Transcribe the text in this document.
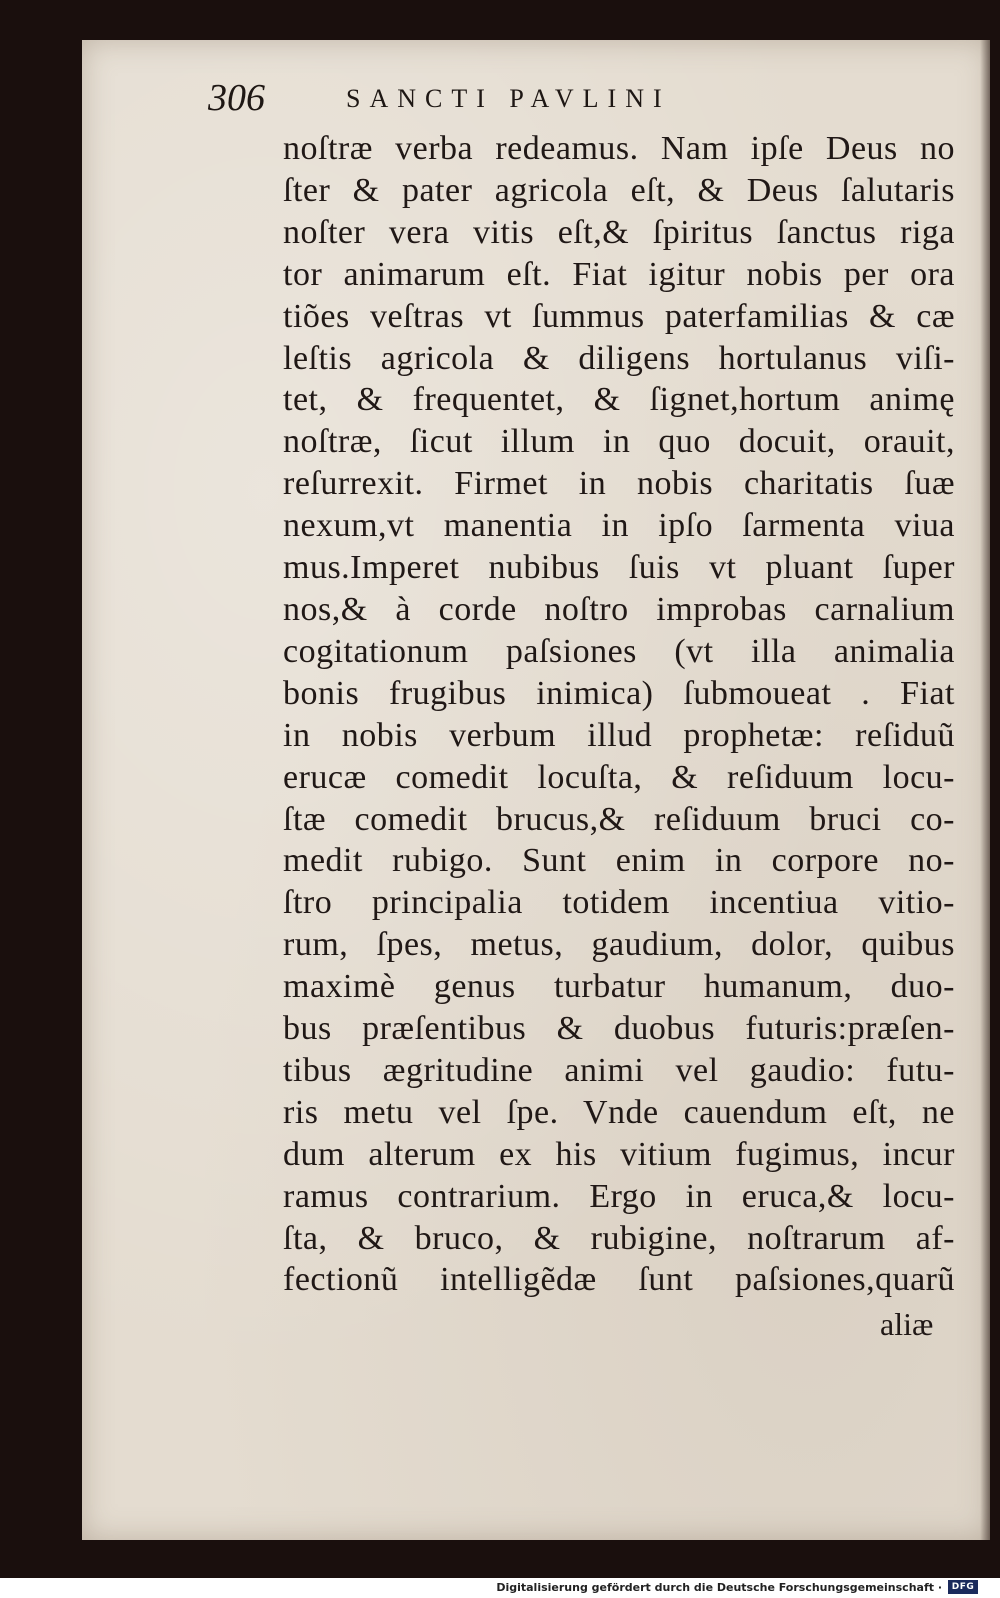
306	SANCTI PAVLINI
noſtræ verba redeamus. Nam ipſe Deus no
ſter & pater agricola eſt, & Deus ſalutaris
noſter vera vitis eſt,& ſpiritus ſanctus riga
tor animarum eſt. Fiat igitur nobis per ora
tiões veſtras vt ſummus paterfamilias & cæ
leſtis agricola & diligens hortulanus viſi-
tet, & frequentet, & ſignet,hortum animę
noſtræ, ſicut illum in quo docuit, orauit,
reſurrexit. Firmet in nobis charitatis ſuæ
nexum,vt manentia in ipſo ſarmenta viua
mus.Imperet nubibus ſuis vt pluant ſuper
nos,& à corde noſtro improbas carnalium
cogitationum paſsiones (vt illa animalia
bonis frugibus inimica) ſubmoueat . Fiat
in nobis verbum illud prophetæ: reſiduũ
erucæ comedit locuſta, & reſiduum locu-
ſtæ comedit brucus,& reſiduum bruci co-
medit rubigo. Sunt enim in corpore no-
ſtro principalia totidem incentiua vitio-
rum, ſpes, metus, gaudium, dolor, quibus
maximè genus turbatur humanum, duo-
bus præſentibus & duobus futuris:præſen-
tibus ægritudine animi vel gaudio: futu-
ris metu vel ſpe. Vnde cauendum eſt, ne
dum alterum ex his vitium fugimus, incur
ramus contrarium. Ergo in eruca,& locu-
ſta, & bruco, & rubigine, noſtrarum af-
fectionũ intelligẽdæ ſunt paſsiones,quarũ
aliæ
Digitalisierung gefördert durch die Deutsche Forschungsgemeinschaft ·	DFG
